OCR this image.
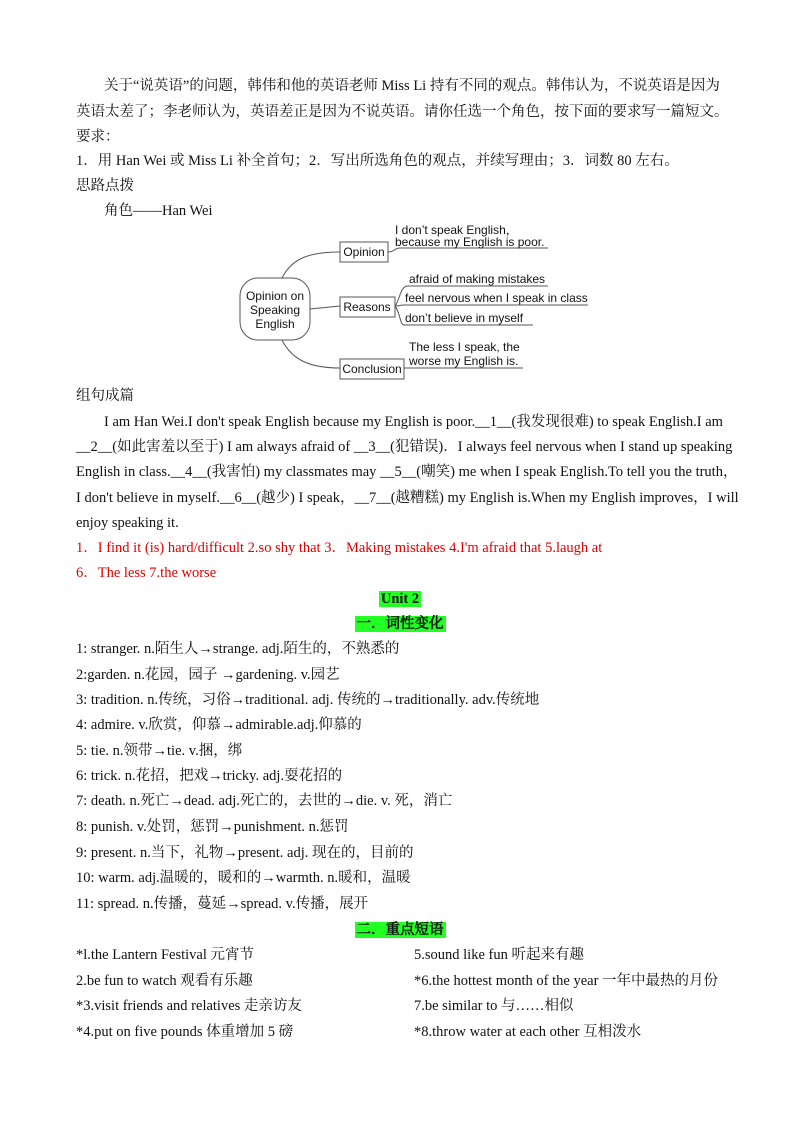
关于“说英语”的问题，韩伟和他的英语老师 Miss Li 持有不同的观点。韩伟认为，不说英语是因为
英语太差了；李老师认为，英语差正是因为不说英语。请你任选一个角色，按下面的要求写一篇短文。
要求：
1．用 Han Wei 或 Miss Li 补全首句；2．写出所选角色的观点，并续写理由；3．词数 80 左右。
思路点拨
角色——Han Wei
Opinion on
Speaking
English
Opinion
I don’t speak English，
because my English is poor.
Reasons
afraid of making mistakes
feel nervous when I speak in class
don’t believe in myself
Conclusion
The less I speak, the
worse my English is.
组句成篇
I am Han Wei.I don't speak English because my English is poor.__1__(我发现很难) to speak English.I am
__2__(如此害羞以至于) I am always afraid of __3__(犯错误)．I always feel nervous when I stand up speaking
English in class.__4__(我害怕) my classmates may __5__(嘲笑) me when I speak English.To tell you the truth，
I don't believe in myself.__6__(越少) I speak，__7__(越糟糕) my English is.When my English improves，I will
enjoy speaking it.
1．I find it (is) hard/difficult 2.so shy that 3．Making mistakes 4.I'm afraid that 5.laugh at
6．The less 7.the worse
Unit 2
一．词性变化
1: stranger. n.陌生人→strange. adj.陌生的，不熟悉的
2:garden. n.花园，园子 →gardening. v.园艺
3: tradition. n.传统，习俗→traditional. adj. 传统的→traditionally. adv.传统地
4: admire. v.欣赏，仰慕→admirable.adj.仰慕的
5: tie. n.领带→tie. v.捆，绑
6: trick. n.花招，把戏→tricky. adj.耍花招的
7: death. n.死亡→dead. adj.死亡的，去世的→die. v. 死，消亡
8: punish. v.处罚，惩罚→punishment. n.惩罚
9: present. n.当下，礼物→present. adj. 现在的，目前的
10: warm. adj.温暖的，暖和的→warmth. n.暖和，温暖
11: spread. n.传播，蔓延→spread. v.传播，展开
二．重点短语
*l.the Lantern Festival 元宵节
2.be fun to watch 观看有乐趣
*3.visit friends and relatives 走亲访友
*4.put on five pounds 体重增加 5 磅
5.sound like fun 听起来有趣
*6.the hottest month of the year 一年中最热的月份
7.be similar to 与……相似
*8.throw water at each other 互相泼水
